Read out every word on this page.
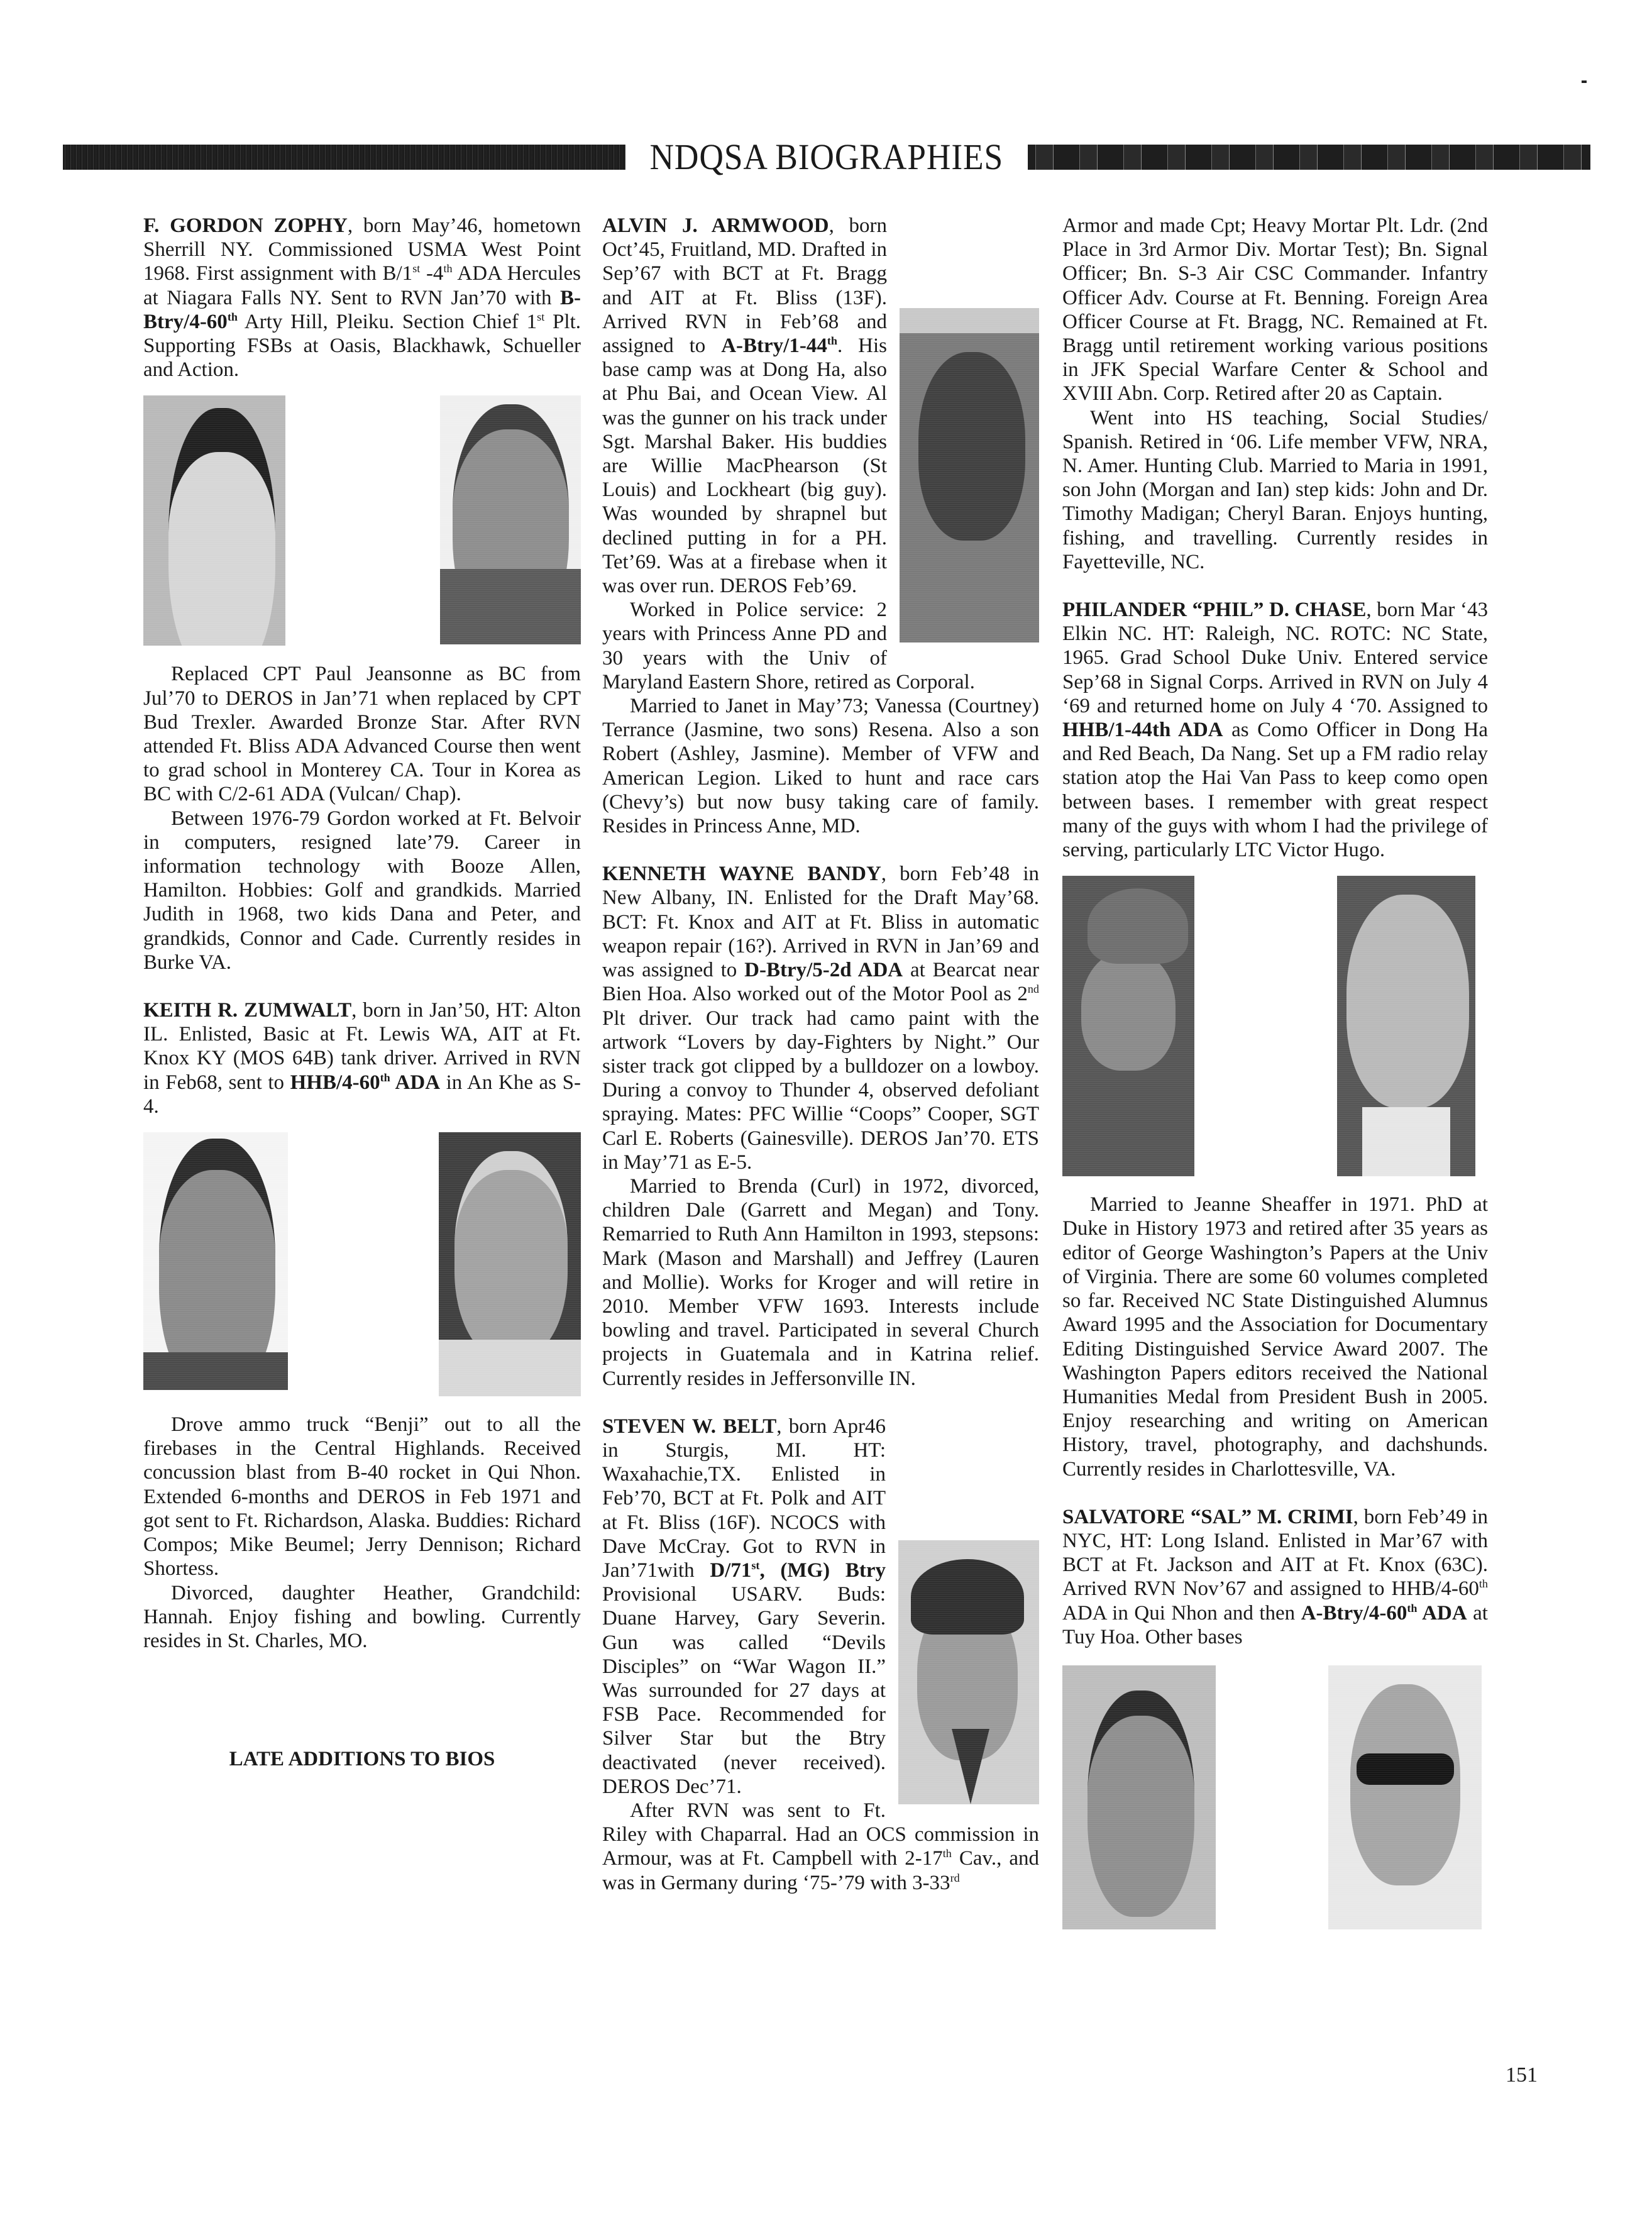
NDQSA BIOGRAPHIES

F. GORDON ZOPHY, born May’46, hometown Sherrill NY. Commissioned USMA West Point 1968. First assignment with B/1st -4th ADA Hercules at Niagara Falls NY. Sent to RVN Jan’70 with B-Btry/4-60th Arty Hill, Pleiku. Section Chief 1st Plt. Supporting FSBs at Oasis, Blackhawk, Schueller and Action.

Replaced CPT Paul Jeansonne as BC from Jul’70 to DEROS in Jan’71 when replaced by CPT Bud Trexler. Awarded Bronze Star. After RVN attended Ft. Bliss ADA Advanced Course then went to grad school in Monterey CA. Tour in Korea as BC with C/2-61 ADA (Vulcan/ Chap).

Between 1976-79 Gordon worked at Ft. Belvoir in computers, resigned late’79. Career in information technology with Booze Allen, Hamilton. Hobbies: Golf and grandkids. Married Judith in 1968, two kids Dana and Peter, and grandkids, Connor and Cade. Currently resides in Burke VA.

KEITH R. ZUMWALT, born in Jan’50, HT: Alton IL. Enlisted, Basic at Ft. Lewis WA, AIT at Ft. Knox KY (MOS 64B) tank driver. Arrived in RVN in Feb68, sent to HHB/4-60th ADA in An Khe as S-4.

Drove ammo truck “Benji” out to all the firebases in the Central Highlands. Received concussion blast from B-40 rocket in Qui Nhon. Extended 6-months and DEROS in Feb 1971 and got sent to Ft. Richardson, Alaska. Buddies: Richard Compos; Mike Beumel; Jerry Dennison; Richard Shortess.

Divorced, daughter Heather, Grandchild: Hannah. Enjoy fishing and bowling. Currently resides in St. Charles, MO.

LATE ADDITIONS TO BIOS

ALVIN J. ARMWOOD, born Oct’45, Fruitland, MD. Drafted in Sep’67 with BCT at Ft. Bragg and AIT at Ft. Bliss (13F). Arrived RVN in Feb’68 and assigned to A-Btry/1-44th. His base camp was at Dong Ha, also at Phu Bai, and Ocean View. Al was the gunner on his track under Sgt. Marshal Baker. His buddies are Willie MacPhearson (St Louis) and Lockheart (big guy). Was wounded by shrapnel but declined putting in for a PH. Tet’69. Was at a firebase when it was over run. DEROS Feb’69.

Worked in Police service: 2 years with Princess Anne PD and 30 years with the Univ of Maryland Eastern Shore, retired as Corporal.

Married to Janet in May’73; Vanessa (Courtney) Terrance (Jasmine, two sons) Resena. Also a son Robert (Ashley, Jasmine). Member of VFW and American Legion. Liked to hunt and race cars (Chevy’s) but now busy taking care of family. Resides in Princess Anne, MD.

KENNETH WAYNE BANDY, born Feb’48 in New Albany, IN. Enlisted for the Draft May’68. BCT: Ft. Knox and AIT at Ft. Bliss in automatic weapon repair (16?). Arrived in RVN in Jan’69 and was assigned to D-Btry/5-2d ADA at Bearcat near Bien Hoa. Also worked out of the Motor Pool as 2nd Plt driver. Our track had camo paint with the artwork “Lovers by day-Fighters by Night.” Our sister track got clipped by a bulldozer on a lowboy. During a convoy to Thunder 4, observed defoliant spraying. Mates: PFC Willie “Coops” Cooper, SGT Carl E. Roberts (Gainesville). DEROS Jan’70. ETS in May’71 as E-5.

Married to Brenda (Curl) in 1972, divorced, children Dale (Garrett and Megan) and Tony. Remarried to Ruth Ann Hamilton in 1993, stepsons: Mark (Mason and Marshall) and Jeffrey (Lauren and Mollie). Works for Kroger and will retire in 2010. Member VFW 1693. Interests include bowling and travel. Participated in several Church projects in Guatemala and in Katrina relief. Currently resides in Jeffersonville IN.

STEVEN W. BELT, born Apr46 in Sturgis, MI. HT: Waxahachie,TX. Enlisted in Feb’70, BCT at Ft. Polk and AIT at Ft. Bliss (16F). NCOCS with Dave McCray. Got to RVN in Jan’71with D/71st, (MG) Btry Provisional USARV. Buds: Duane Harvey, Gary Severin. Gun was called “Devils Disciples” on “War Wagon II.” Was surrounded for 27 days at FSB Pace. Recommended for Silver Star but the Btry deactivated (never received). DEROS Dec’71.

After RVN was sent to Ft. Riley with Chaparral. Had an OCS commission in Armour, was at Ft. Campbell with 2-17th Cav., and was in Germany during ‘75-’79 with 3-33rd

Armor and made Cpt; Heavy Mortar Plt. Ldr. (2nd Place in 3rd Armor Div. Mortar Test); Bn. Signal Officer; Bn. S-3 Air CSC Commander. Infantry Officer Adv. Course at Ft. Benning. Foreign Area Officer Course at Ft. Bragg, NC. Remained at Ft. Bragg until retirement working various positions in JFK Special Warfare Center & School and XVIII Abn. Corp. Retired after 20 as Captain.

Went into HS teaching, Social Studies/ Spanish. Retired in ‘06. Life member VFW, NRA, N. Amer. Hunting Club. Married to Maria in 1991, son John (Morgan and Ian) step kids: John and Dr. Timothy Madigan; Cheryl Baran. Enjoys hunting, fishing, and travelling. Currently resides in Fayetteville, NC.

PHILANDER “PHIL” D. CHASE, born Mar ‘43 Elkin NC. HT: Raleigh, NC. ROTC: NC State, 1965. Grad School Duke Univ. Entered service Sep’68 in Signal Corps. Arrived in RVN on July 4 ‘69 and returned home on July 4 ‘70. Assigned to HHB/1-44th ADA as Como Officer in Dong Ha and Red Beach, Da Nang. Set up a FM radio relay station atop the Hai Van Pass to keep como open between bases. I remember with great respect many of the guys with whom I had the privilege of serving, particularly LTC Victor Hugo.

Married to Jeanne Sheaffer in 1971. PhD at Duke in History 1973 and retired after 35 years as editor of George Washington’s Papers at the Univ of Virginia. There are some 60 volumes completed so far. Received NC State Distinguished Alumnus Award 1995 and the Association for Documentary Editing Distinguished Service Award 2007. The Washington Papers editors received the National Humanities Medal from President Bush in 2005. Enjoy researching and writing on American History, travel, photography, and dachshunds. Currently resides in Charlottesville, VA.

SALVATORE “SAL” M. CRIMI, born Feb’49 in NYC, HT: Long Island. Enlisted in Mar’67 with BCT at Ft. Jackson and AIT at Ft. Knox (63C). Arrived RVN Nov’67 and assigned to HHB/4-60th ADA in Qui Nhon and then A-Btry/4-60th ADA at Tuy Hoa. Other bases

151
